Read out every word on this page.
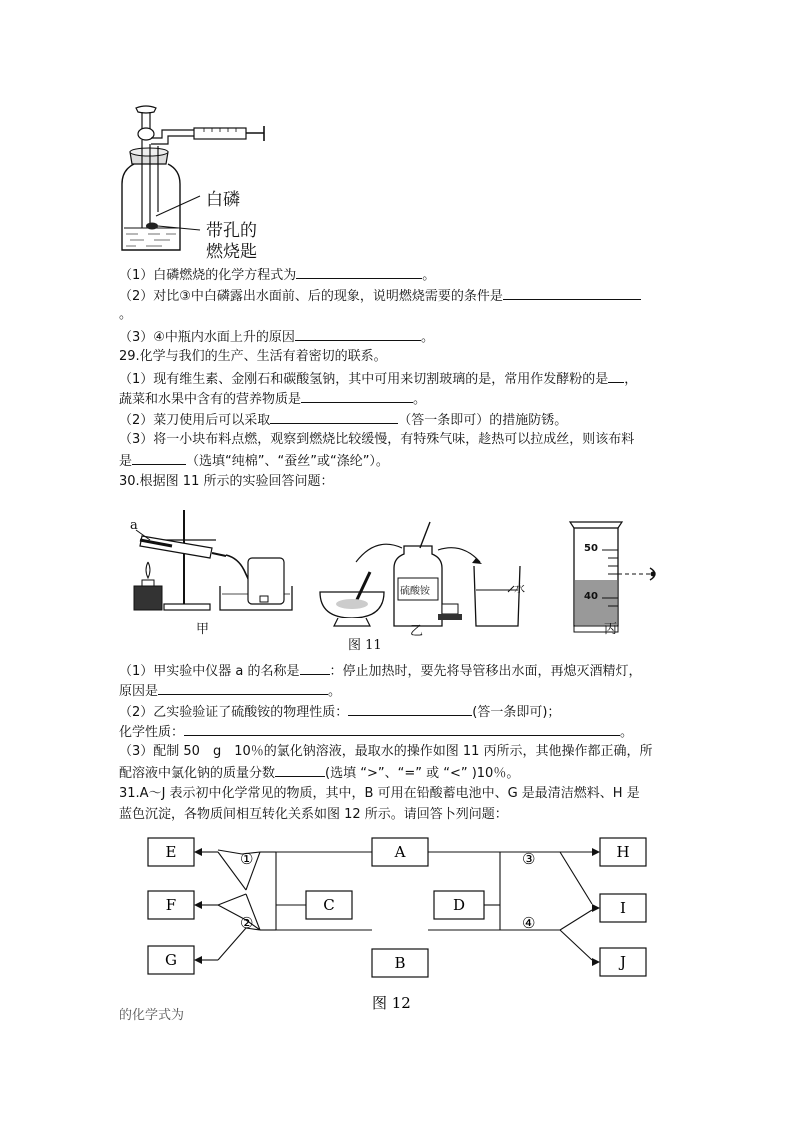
白磷
带孔的
燃烧匙
（1）白磷燃烧的化学方程式为	。
（2）对比③中白磷露出水面前、后的现象，说明燃烧需要的条件是
。
（3）④中瓶内水面上升的原因	。
29.化学与我们的生产、生活有着密切的联系。
（1）现有维生素、金刚石和碳酸氢钠，其中可用来切割玻璃的是，常用作发酵粉的是 ，
蔬菜和水果中含有的营养物质是	。
（2）菜刀使用后可以采取	（答一条即可）的措施防锈。
（3）将一小块布料点燃，观察到燃烧比较缓慢，有特殊气味，趁热可以拉成丝，则该布料
是	（选填“纯棉”、“蚕丝”或“涤纶”）。
30.根据图 11 所示的实验回答问题：
a
甲
硫酸铵	水
图 11
乙
50
40
丙
（1）甲实验中仪器 a 的名称是 ：停止加热时，要先将导管移出水面，再熄灭酒精灯，
原因是	。
（2）乙实验验证了硫酸铵的物理性质：	(答一条即可)；
化学性质：	。
（3）配制 50　g　10％的氯化钠溶液，最取水的操作如图 11 丙所示，其他操作都正确，所
配溶液中氯化钠的质量分数	(选填 “>”、“=” 或 “<” )10％。
31.A～J 表示初中化学常见的物质，其中，B 可用在铅酸蓄电池中、G 是最清洁燃料、H 是
蓝色沉淀，各物质间相互转化关系如图 12 所示。请回答卜列问题：
E
F
G
A
C	D
B
H
I
J
①
②
③
④
图 12
的化学式为
